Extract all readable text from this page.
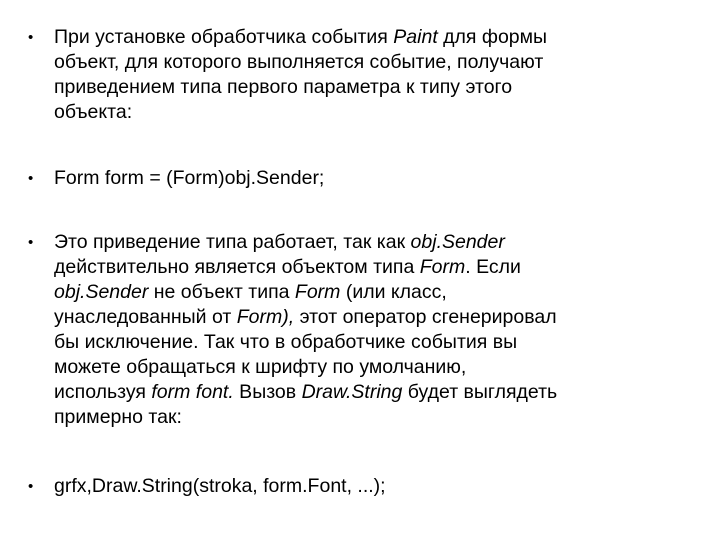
•	При установке обработчика события Paint для формы
объект, для которого выполняется событие, получают
приведением типа первого параметра к типу этого
объекта:
•	Form form = (Form)obj.Sender;
•	Это приведение типа работает, так как obj.Sender
действительно является объектом типа Form. Если
obj.Sender не объект типа Form (или класс,
унаследованный от Form), этот оператор сгенерировал
бы исключение. Так что в обработчике события вы
можете обращаться к шрифту по умолчанию,
используя form font. Вызов Draw.String будет выглядеть
примерно так:
•	grfx,Draw.String(stroka, form.Font, ...);
